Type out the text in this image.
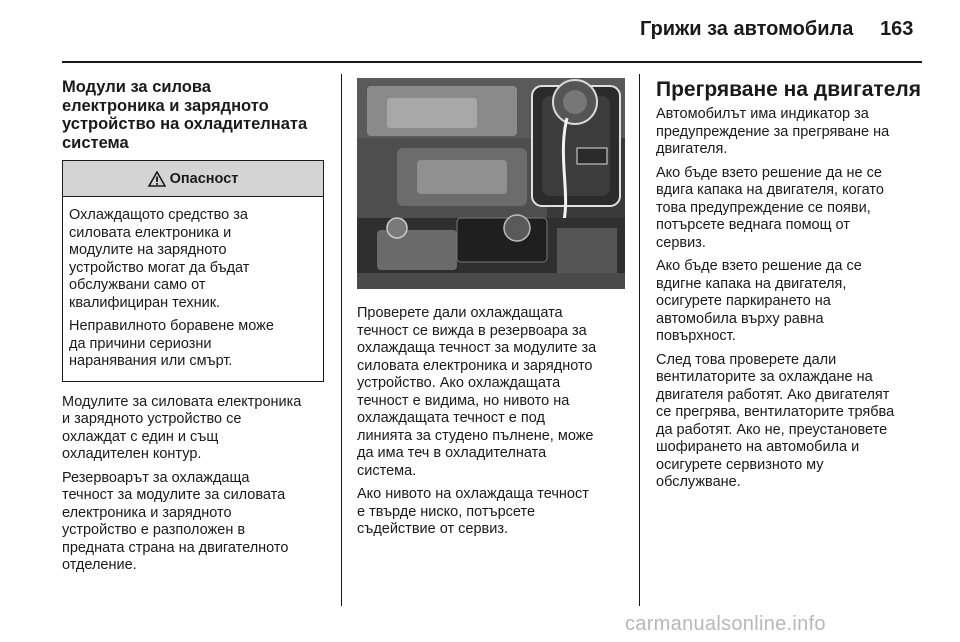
Грижи за автомобила 163
Модули за силова
електроника и зарядното
устройство на охладителната
система
Опасност

Охлаждащото средство за
силовата електроника и
модулите на зарядното
устройство могат да бъдат
обслужвани само от
квалифициран техник.

Неправилното боравене може
да причини сериозни
наранявания или смърт.

Модулите за силовата електроника
и зарядното устройство се
охлаждат с един и същ
охладителен контур.

Резервоарът за охлаждаща
течност за модулите за силовата
електроника и зарядното
устройство е разположен в
предната страна на двигателното
отделение.

Проверете дали охлаждащата
течност се вижда в резервоара за
охлаждаща течност за модулите за
силовата електроника и зарядното
устройство. Ако охлаждащата
течност е видима, но нивото на
охлаждащата течност е под
линията за студено пълнене, може
да има теч в охладителната
система.

Ако нивото на охлаждаща течност
е твърде ниско, потърсете
съдействие от сервиз.

Прегряване на двигателя

Автомобилът има индикатор за
предупреждение за прегряване на
двигателя.

Ако бъде взето решение да не се
вдига капака на двигателя, когато
това предупреждение се появи,
потърсете веднага помощ от
сервиз.

Ако бъде взето решение да се
вдигне капака на двигателя,
осигурете паркирането на
автомобила върху равна
повърхност.

След това проверете дали
вентилаторите за охлаждане на
двигателя работят. Ако двигателят
се прегрява, вентилаторите трябва
да работят. Ако не, преустановете
шофирането на автомобила и
осигурете сервизното му
обслужване.

carmanualsonline.info
